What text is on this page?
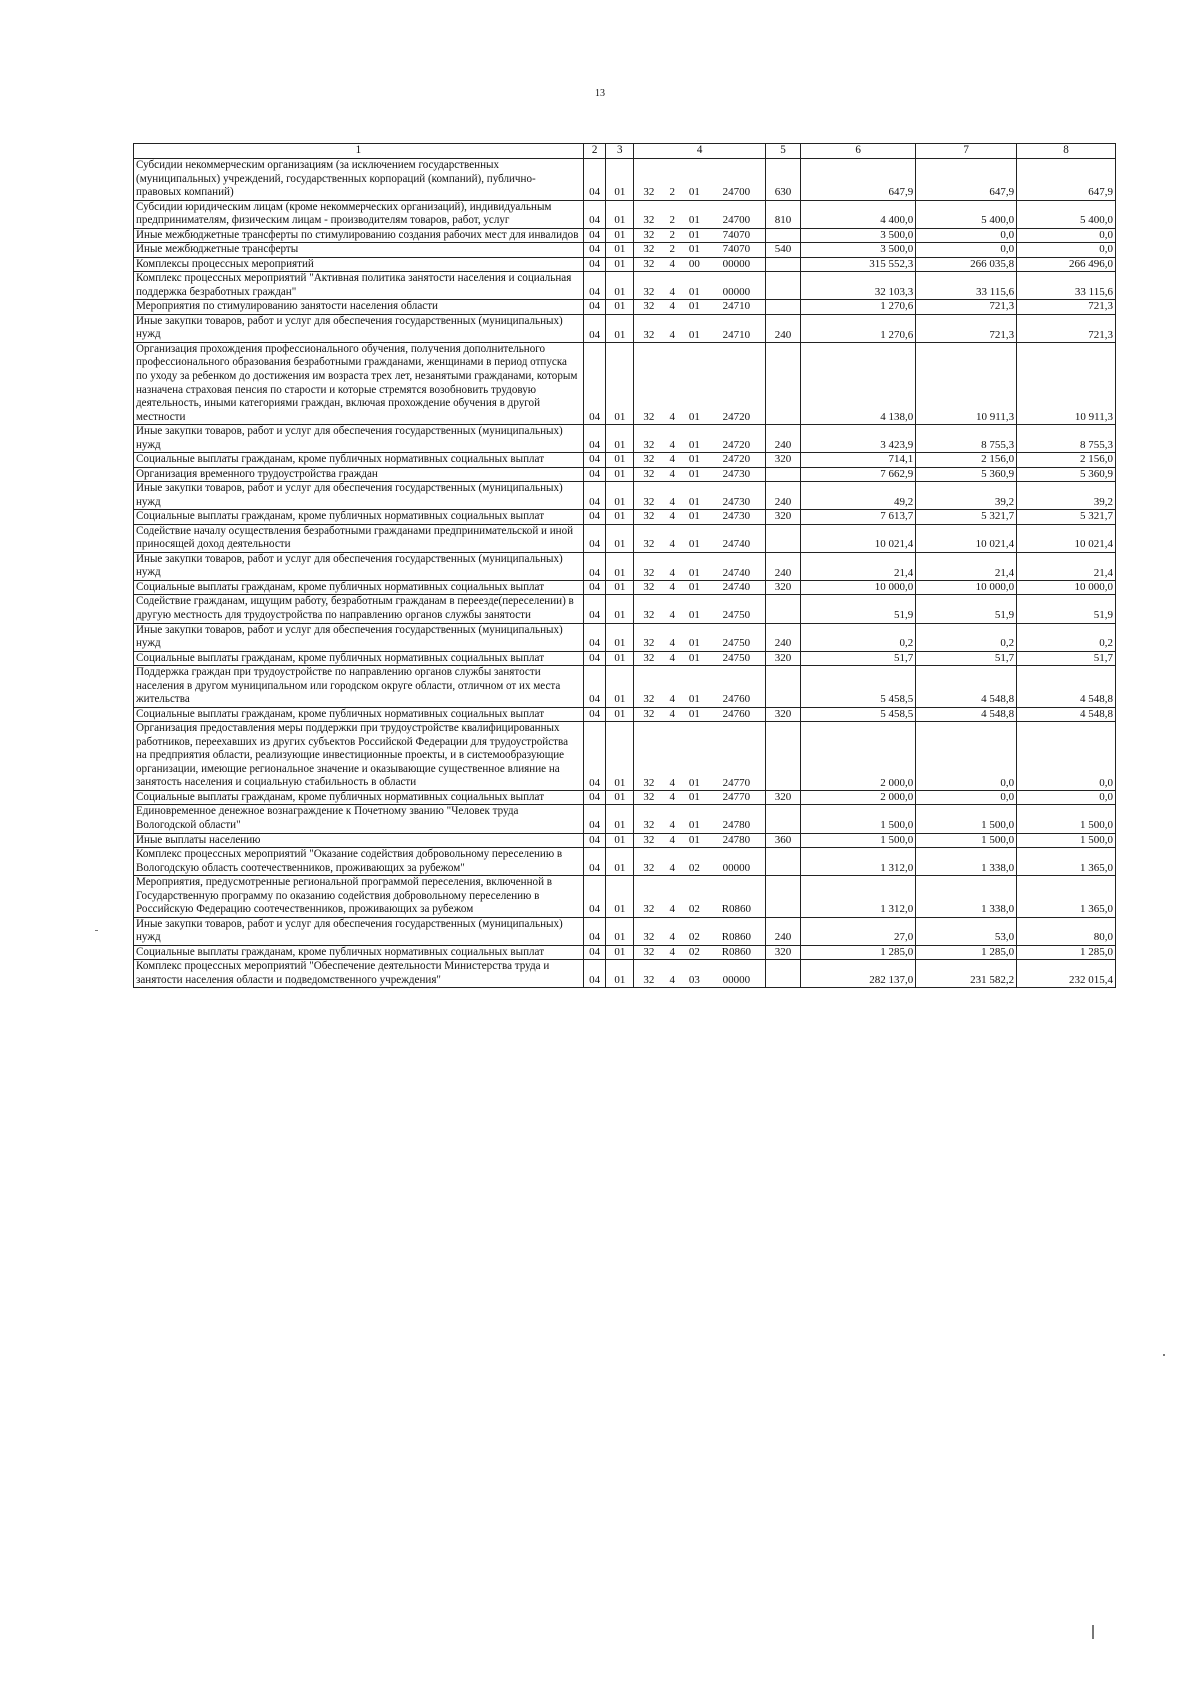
13
1	2	3	4				5	6	7	8
Субсидии некоммерческим организациям (за исключением государственных (муниципальных) учреждений, государственных корпораций (компаний), публично-правовых компаний)	04	01	32	2	01	24700	630	647,9	647,9	647,9
Субсидии юридическим лицам (кроме некоммерческих организаций), индивидуальным предпринимателям, физическим лицам - производителям товаров, работ, услуг	04	01	32	2	01	24700	810	4 400,0	5 400,0	5 400,0
Иные межбюджетные трансферты по стимулированию создания рабочих мест для инвалидов	04	01	32	2	01	74070		3 500,0	0,0	0,0
Иные межбюджетные трансферты	04	01	32	2	01	74070	540	3 500,0	0,0	0,0
Комплексы процессных мероприятий	04	01	32	4	00	00000		315 552,3	266 035,8	266 496,0
Комплекс процессных мероприятий "Активная политика занятости населения и социальная поддержка безработных граждан"	04	01	32	4	01	00000		32 103,3	33 115,6	33 115,6
Мероприятия по стимулированию занятости населения области	04	01	32	4	01	24710		1 270,6	721,3	721,3
Иные закупки товаров, работ и услуг для обеспечения государственных (муниципальных) нужд	04	01	32	4	01	24710	240	1 270,6	721,3	721,3
Организация прохождения профессионального обучения, получения дополнительного профессионального образования безработными гражданами, женщинами в период отпуска по уходу за ребенком до достижения им возраста трех лет, незанятыми гражданами, которым назначена страховая пенсия по старости и которые стремятся возобновить трудовую деятельность, иными категориями граждан, включая прохождение обучения в другой местности	04	01	32	4	01	24720		4 138,0	10 911,3	10 911,3
Иные закупки товаров, работ и услуг для обеспечения государственных (муниципальных) нужд	04	01	32	4	01	24720	240	3 423,9	8 755,3	8 755,3
Социальные выплаты гражданам, кроме публичных нормативных социальных выплат	04	01	32	4	01	24720	320	714,1	2 156,0	2 156,0
Организация временного трудоустройства граждан	04	01	32	4	01	24730		7 662,9	5 360,9	5 360,9
Иные закупки товаров, работ и услуг для обеспечения государственных (муниципальных) нужд	04	01	32	4	01	24730	240	49,2	39,2	39,2
Социальные выплаты гражданам, кроме публичных нормативных социальных выплат	04	01	32	4	01	24730	320	7 613,7	5 321,7	5 321,7
Содействие началу осуществления безработными гражданами предпринимательской и иной приносящей доход деятельности	04	01	32	4	01	24740		10 021,4	10 021,4	10 021,4
Иные закупки товаров, работ и услуг для обеспечения государственных (муниципальных) нужд	04	01	32	4	01	24740	240	21,4	21,4	21,4
Социальные выплаты гражданам, кроме публичных нормативных социальных выплат	04	01	32	4	01	24740	320	10 000,0	10 000,0	10 000,0
Содействие гражданам, ищущим работу, безработным гражданам в переезде(переселении) в другую местность для трудоустройства по направлению органов службы занятости	04	01	32	4	01	24750		51,9	51,9	51,9
Иные закупки товаров, работ и услуг для обеспечения государственных (муниципальных) нужд	04	01	32	4	01	24750	240	0,2	0,2	0,2
Социальные выплаты гражданам, кроме публичных нормативных социальных выплат	04	01	32	4	01	24750	320	51,7	51,7	51,7
Поддержка граждан при трудоустройстве по направлению органов службы занятости населения в другом муниципальном или городском округе области, отличном от их места жительства	04	01	32	4	01	24760		5 458,5	4 548,8	4 548,8
Социальные выплаты гражданам, кроме публичных нормативных социальных выплат	04	01	32	4	01	24760	320	5 458,5	4 548,8	4 548,8
Организация предоставления меры поддержки при трудоустройстве квалифицированных работников, переехавших из других субъектов Российской Федерации для трудоустройства на предприятия области, реализующие инвестиционные проекты, и в системообразующие организации, имеющие региональное значение и оказывающие существенное влияние на занятость населения и социальную стабильность в области	04	01	32	4	01	24770		2 000,0	0,0	0,0
Социальные выплаты гражданам, кроме публичных нормативных социальных выплат	04	01	32	4	01	24770	320	2 000,0	0,0	0,0
Единовременное денежное вознаграждение к Почетному званию "Человек труда Вологодской области"	04	01	32	4	01	24780		1 500,0	1 500,0	1 500,0
Иные выплаты населению	04	01	32	4	01	24780	360	1 500,0	1 500,0	1 500,0
Комплекс процессных мероприятий "Оказание содействия добровольному переселению в Вологодскую область соотечественников, проживающих за рубежом"	04	01	32	4	02	00000		1 312,0	1 338,0	1 365,0
Мероприятия, предусмотренные региональной программой переселения, включенной в Государственную программу по оказанию содействия добровольному переселению в Российскую Федерацию соотечественников, проживающих за рубежом	04	01	32	4	02	R0860		1 312,0	1 338,0	1 365,0
Иные закупки товаров, работ и услуг для обеспечения государственных (муниципальных) нужд	04	01	32	4	02	R0860	240	27,0	53,0	80,0
Социальные выплаты гражданам, кроме публичных нормативных социальных выплат	04	01	32	4	02	R0860	320	1 285,0	1 285,0	1 285,0
Комплекс процессных мероприятий "Обеспечение деятельности Министерства труда и занятости населения области и подведомственного учреждения"	04	01	32	4	03	00000		282 137,0	231 582,2	232 015,4
